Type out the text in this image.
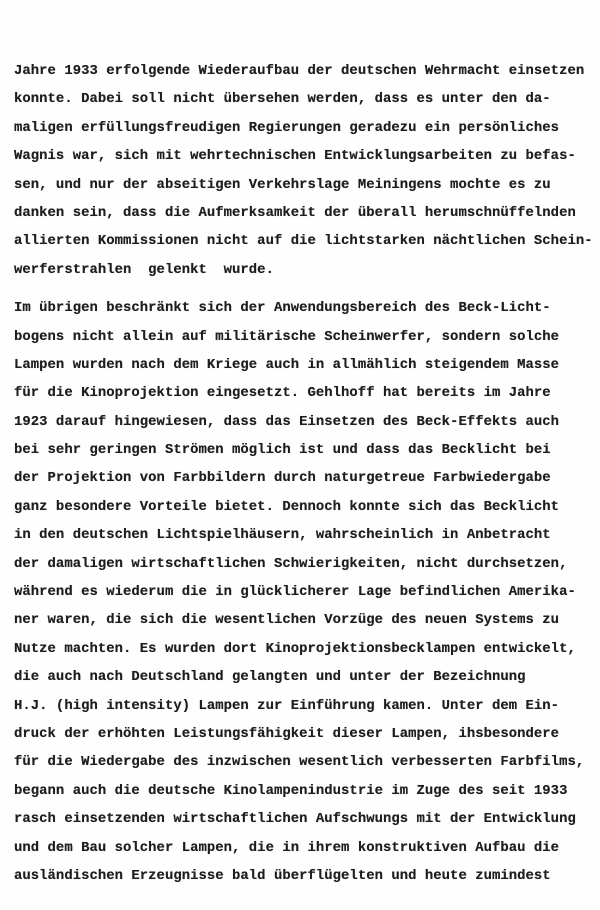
Jahre 1933 erfolgende Wiederaufbau der deutschen Wehrmacht einsetzen
konnte. Dabei soll nicht übersehen werden, dass es unter den da-
maligen erfüllungsfreudigen Regierungen geradezu ein persönliches
Wagnis war, sich mit wehrtechnischen Entwicklungsarbeiten zu befas-
sen, und nur der abseitigen Verkehrslage Meiningens mochte es zu
danken sein, dass die Aufmerksamkeit der überall herumschnüffelnden
allierten Kommissionen nicht auf die lichtstarken nächtlichen Schein-
werferstrahlen  gelenkt  wurde.
Im übrigen beschränkt sich der Anwendungsbereich des Beck-Licht-
bogens nicht allein auf militärische Scheinwerfer, sondern solche
Lampen wurden nach dem Kriege auch in allmählich steigendem Masse
für die Kinoprojektion eingesetzt. Gehlhoff hat bereits im Jahre
1923 darauf hingewiesen, dass das Einsetzen des Beck-Effekts auch
bei sehr geringen Strömen möglich ist und dass das Becklicht bei
der Projektion von Farbbildern durch naturgetreue Farbwiedergabe
ganz besondere Vorteile bietet. Dennoch konnte sich das Becklicht
in den deutschen Lichtspielhäusern, wahrscheinlich in Anbetracht
der damaligen wirtschaftlichen Schwierigkeiten, nicht durchsetzen,
während es wiederum die in glücklicherer Lage befindlichen Amerika-
ner waren, die sich die wesentlichen Vorzüge des neuen Systems zu
Nutze machten. Es wurden dort Kinoprojektionsbecklampen entwickelt,
die auch nach Deutschland gelangten und unter der Bezeichnung
H.J. (high intensity) Lampen zur Einführung kamen. Unter dem Ein-
druck der erhöhten Leistungsfähigkeit dieser Lampen, ihsbesondere
für die Wiedergabe des inzwischen wesentlich verbesserten Farbfilms,
begann auch die deutsche Kinolampenindustrie im Zuge des seit 1933
rasch einsetzenden wirtschaftlichen Aufschwungs mit der Entwicklung
und dem Bau solcher Lampen, die in ihrem konstruktiven Aufbau die
ausländischen Erzeugnisse bald überflügelten und heute zumindest
